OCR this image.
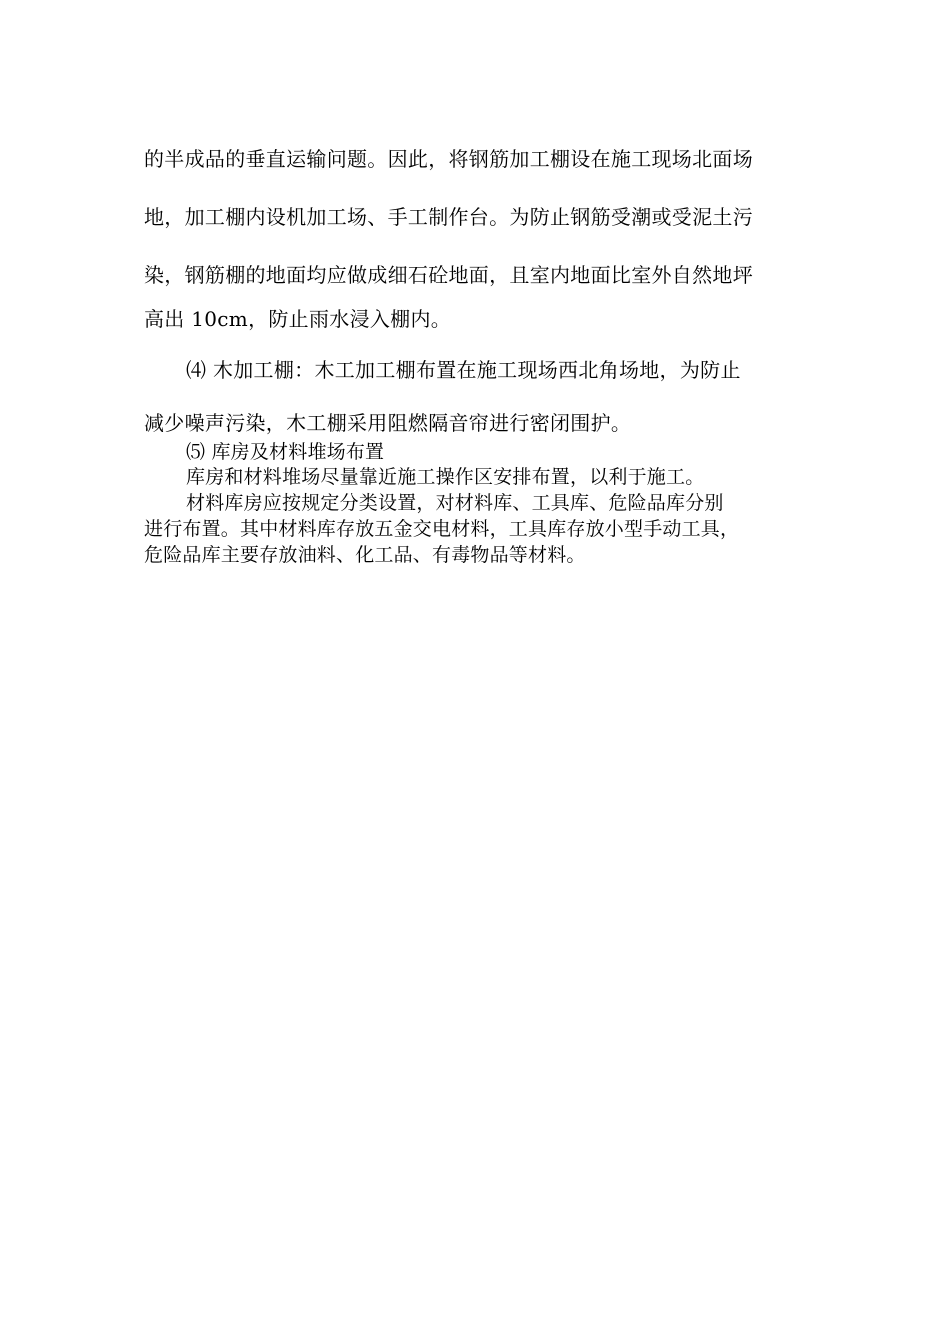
的半成品的垂直运输问题。因此，将钢筋加工棚设在施工现场北面场
地，加工棚内设机加工场、手工制作台。为防止钢筋受潮或受泥土污
染，钢筋棚的地面均应做成细石砼地面，且室内地面比室外自然地坪
高出 10cm，防止雨水浸入棚内。
⑷ 木加工棚：木工加工棚布置在施工现场西北角场地，为防止
减少噪声污染，木工棚采用阻燃隔音帘进行密闭围护。
⑸ 库房及材料堆场布置
库房和材料堆场尽量靠近施工操作区安排布置，以利于施工。
材料库房应按规定分类设置，对材料库、工具库、危险品库分别
进行布置。其中材料库存放五金交电材料，工具库存放小型手动工具，
危险品库主要存放油料、化工品、有毒物品等材料。
